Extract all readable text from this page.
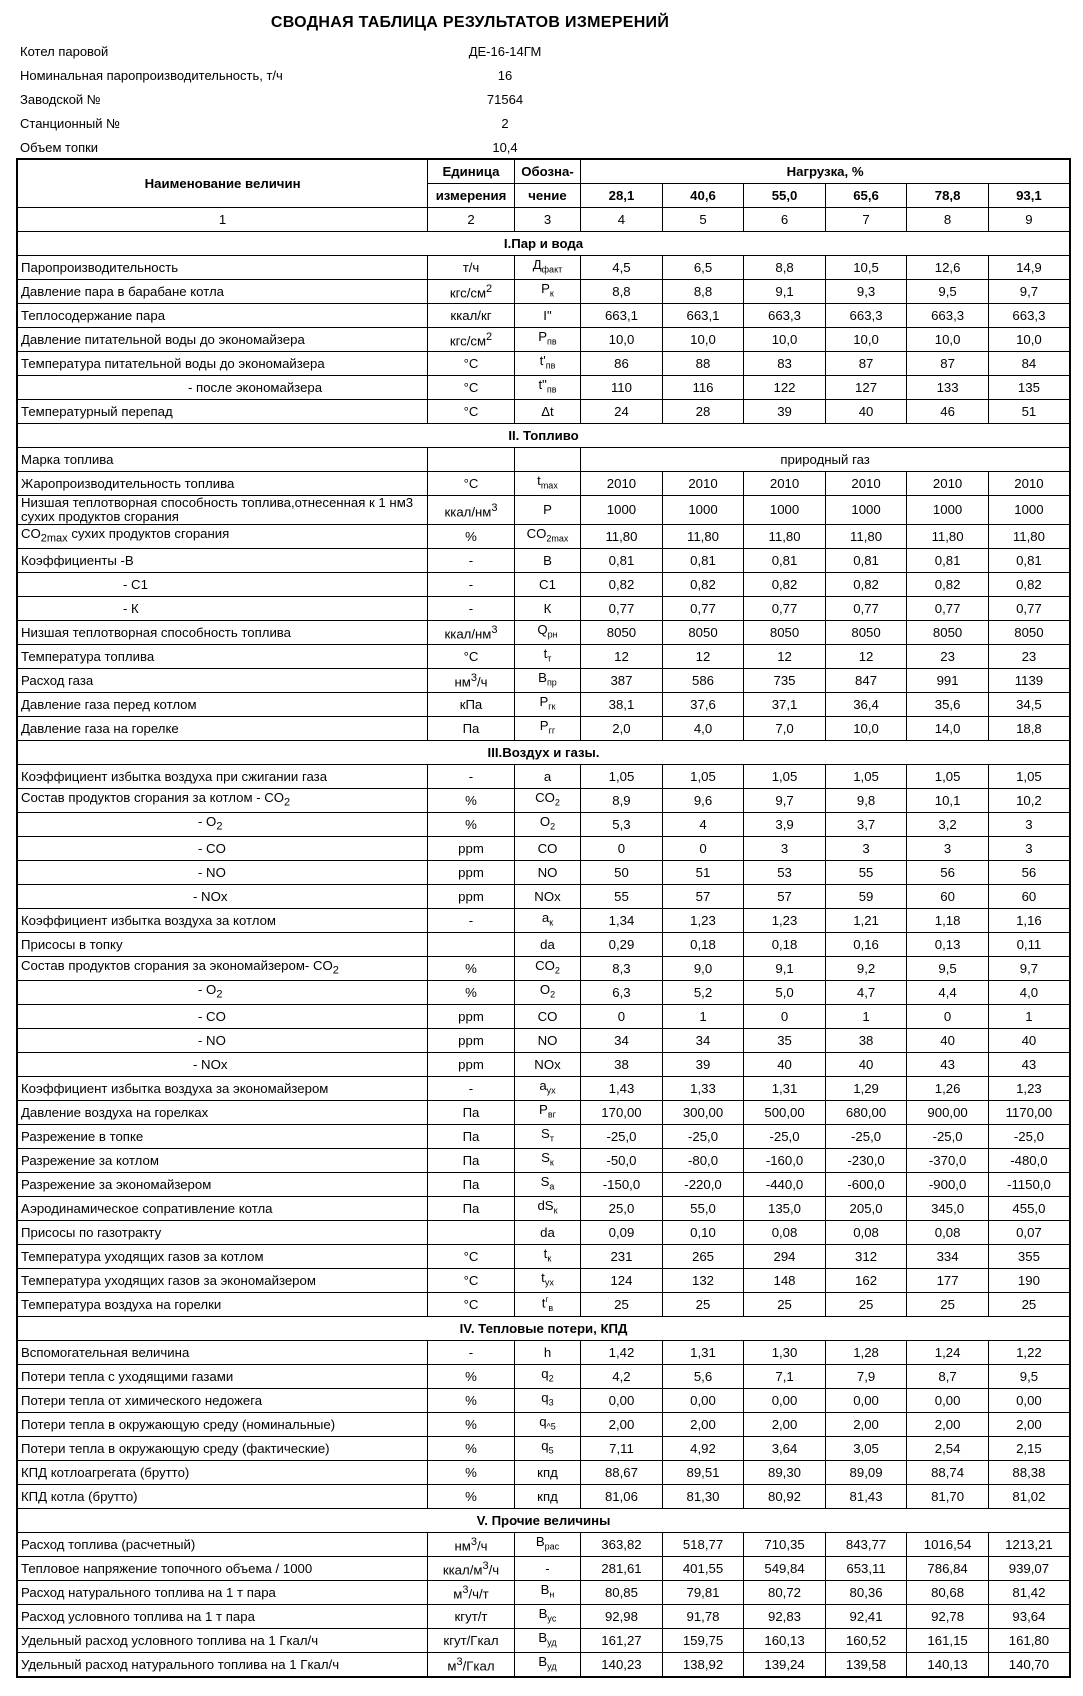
СВОДНАЯ ТАБЛИЦА РЕЗУЛЬТАТОВ ИЗМЕРЕНИЙ
Котел паровой	ДЕ-16-14ГМ
Номинальная паропроизводительность, т/ч	16
Заводской №	71564
Станционный №	2
Объем топки	10,4
Наименование величин	Единица	Обозна-	Нагрузка, %					
	измерения	чение	28,1	40,6	55,0	65,6	78,8	93,1
1	2	3	4	5	6	7	8	9
I.Пар и вода								
Паропроизводительность	т/ч	$Д_{факт}$	4,5	6,5	8,8	10,5	12,6	14,9
Давление пара в барабане котла	кгс/$см^2$	$Р_к$	8,8	8,8	9,1	9,3	9,5	9,7
Теплосодержание пара	ккал/кг	I"	663,1	663,1	663,3	663,3	663,3	663,3
Давление питательной воды до экономайзера	кгс/$см^2$	$Р_{пв}$	10,0	10,0	10,0	10,0	10,0	10,0
Температура питательной воды до экономайзера	°С	$t'_{пв}$	86	88	83	87	87	84
- после экономайзера	°С	$t"_{пв}$	110	116	122	127	133	135
Температурный перепад	°С	Δt	24	28	39	40	46	51
II. Топливо								
Марка топлива			природный газ					
Жаропроизводительность топлива	°С	$t_{max}$	2010	2010	2010	2010	2010	2010
Низшая теплотворная способность топлива,отнесенная к 1 нм3 сухих продуктов сгорания	ккал/$нм^3$	Р	1000	1000	1000	1000	1000	1000
$CO_{2max}$ сухих продуктов сгорания	%	$CO_{2max}$	11,80	11,80	11,80	11,80	11,80	11,80
Коэффициенты -В	-	В	0,81	0,81	0,81	0,81	0,81	0,81
- С1	-	С1	0,82	0,82	0,82	0,82	0,82	0,82
- К	-	К	0,77	0,77	0,77	0,77	0,77	0,77
Низшая теплотворная способность топлива	ккал/$нм^3$	$Q_{рн}$	8050	8050	8050	8050	8050	8050
Температура топлива	°С	$t_т$	12	12	12	12	23	23
Расход газа	$нм^3/ч$	$В_{пр}$	387	586	735	847	991	1139
Давление газа перед котлом	кПа	$Р_{гк}$	38,1	37,6	37,1	36,4	35,6	34,5
Давление газа на горелке	Па	$Р_{гг}$	2,0	4,0	7,0	10,0	14,0	18,8
III.Воздух и газы.								
Коэффициент избытка воздуха при сжигании газа	-	a	1,05	1,05	1,05	1,05	1,05	1,05
Состав продуктов сгорания за котлом - $CO_2$	%	$CO_2$	8,9	9,6	9,7	9,8	10,1	10,2
- $O_2$	%	$O_2$	5,3	4	3,9	3,7	3,2	3
- CO	ppm	CO	0	0	3	3	3	3
- NO	ppm	NO	50	51	53	55	56	56
- NOx	ppm	NOx	55	57	57	59	60	60
Коэффициент избытка воздуха за котлом	-	$a_к$	1,34	1,23	1,23	1,21	1,18	1,16
Присосы в топку		da	0,29	0,18	0,18	0,16	0,13	0,11
Состав продуктов сгорания за экономайзером- $CO_2$	%	$CO_2$	8,3	9,0	9,1	9,2	9,5	9,7
- $O_2$	%	$O_2$	6,3	5,2	5,0	4,7	4,4	4,0
- CO	ppm	CO	0	1	0	1	0	1
- NO	ppm	NO	34	34	35	38	40	40
- NOx	ppm	NOx	38	39	40	40	43	43
Коэффициент избытка воздуха за экономайзером	-	$a_{ух}$	1,43	1,33	1,31	1,29	1,26	1,23
Давление воздуха на горелках	Па	$Р_{вг}$	170,00	300,00	500,00	680,00	900,00	1170,00
Разрежение в топке	Па	$S_т$	-25,0	-25,0	-25,0	-25,0	-25,0	-25,0
Разрежение за котлом	Па	$S_к$	-50,0	-80,0	-160,0	-230,0	-370,0	-480,0
Разрежение за экономайзером	Па	$S_а$	-150,0	-220,0	-440,0	-600,0	-900,0	-1150,0
Аэродинамическое сопративление котла	Па	$dS_к$	25,0	55,0	135,0	205,0	345,0	455,0
Присосы по газотракту		da	0,09	0,10	0,08	0,08	0,08	0,07
Температура уходящих газов за котлом	°С	$t_к$	231	265	294	312	334	355
Температура уходящих газов за экономайзером	°С	$t_{ух}$	124	132	148	162	177	190
Температура воздуха на горелки	°С	$t^г_в$	25	25	25	25	25	25
IV. Тепловые потери, КПД								
Вспомогательная величина	-	h	1,42	1,31	1,30	1,28	1,24	1,22
Потери тепла с уходящими газами	%	$q_2$	4,2	5,6	7,1	7,9	8,7	9,5
Потери тепла от химического недожега	%	$q_3$	0,00	0,00	0,00	0,00	0,00	0,00
Потери тепла в окружающую среду (номинальные)	%	$q_{\^{}5}$	2,00	2,00	2,00	2,00	2,00	2,00
Потери тепла в окружающую среду (фактические)	%	$q_5$	7,11	4,92	3,64	3,05	2,54	2,15
КПД котлоагрегата (брутто)	%	кпд	88,67	89,51	89,30	89,09	88,74	88,38
КПД котла (брутто)	%	кпд	81,06	81,30	80,92	81,43	81,70	81,02
V. Прочие величины								
Расход топлива (расчетный)	$нм^3/ч$	$В_{рас}$	363,82	518,77	710,35	843,77	1016,54	1213,21
Тепловое напряжение топочного объема / 1000	ккал/$м^3/ч$	-	281,61	401,55	549,84	653,11	786,84	939,07
Расход натурального топлива на 1 т пара	$м^3/ч/т$	$В_н$	80,85	79,81	80,72	80,36	80,68	81,42
Расход условного топлива на 1 т пара	кгут/т	$В_{ус}$	92,98	91,78	92,83	92,41	92,78	93,64
Удельный расход условного топлива на 1 Гкал/ч	кгут/Гкал	$В_{уд}$	161,27	159,75	160,13	160,52	161,15	161,80
Удельный расход натурального топлива на 1 Гкал/ч	$м^3$/Гкал	$В_{уд}$	140,23	138,92	139,24	139,58	140,13	140,70
